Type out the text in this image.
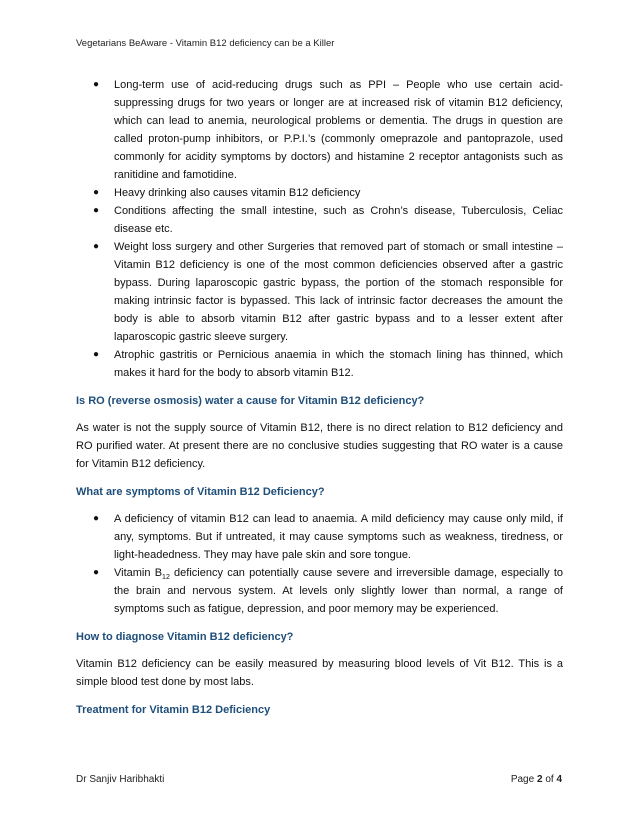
Vegetarians BeAware - Vitamin B12 deficiency can be a Killer
● Long-term use of acid-reducing drugs such as PPI – People who use certain acid-suppressing drugs for two years or longer are at increased risk of vitamin B12 deficiency, which can lead to anemia, neurological problems or dementia. The drugs in question are called proton-pump inhibitors, or P.P.I.’s (commonly omeprazole and pantoprazole, used commonly for acidity symptoms by doctors) and histamine 2 receptor antagonists such as ranitidine and famotidine.
● Heavy drinking also causes vitamin B12 deficiency
● Conditions affecting the small intestine, such as Crohn’s disease, Tuberculosis, Celiac disease etc.
● Weight loss surgery and other Surgeries that removed part of stomach or small intestine – Vitamin B12 deficiency is one of the most common deficiencies observed after a gastric bypass. During laparoscopic gastric bypass, the portion of the stomach responsible for making intrinsic factor is bypassed. This lack of intrinsic factor decreases the amount the body is able to absorb vitamin B12 after gastric bypass and to a lesser extent after laparoscopic gastric sleeve surgery.
● Atrophic gastritis or Pernicious anaemia in which the stomach lining has thinned, which makes it hard for the body to absorb vitamin B12.
Is RO (reverse osmosis) water a cause for Vitamin B12 deficiency?

As water is not the supply source of Vitamin B12, there is no direct relation to B12 deficiency and RO purified water. At present there are no conclusive studies suggesting that RO water is a cause for Vitamin B12 deficiency.

What are symptoms of Vitamin B12 Deficiency?
● A deficiency of vitamin B12 can lead to anaemia. A mild deficiency may cause only mild, if any, symptoms. But if untreated, it may cause symptoms such as weakness, tiredness, or light-headedness. They may have pale skin and sore tongue.
● Vitamin $B_{12}$ deficiency can potentially cause severe and irreversible damage, especially to the brain and nervous system. At levels only slightly lower than normal, a range of symptoms such as fatigue, depression, and poor memory may be experienced.
How to diagnose Vitamin B12 deficiency?

Vitamin B12 deficiency can be easily measured by measuring blood levels of Vit B12. This is a simple blood test done by most labs.

Treatment for Vitamin B12 Deficiency
Dr Sanjiv Haribhakti	Page 2 of 4
